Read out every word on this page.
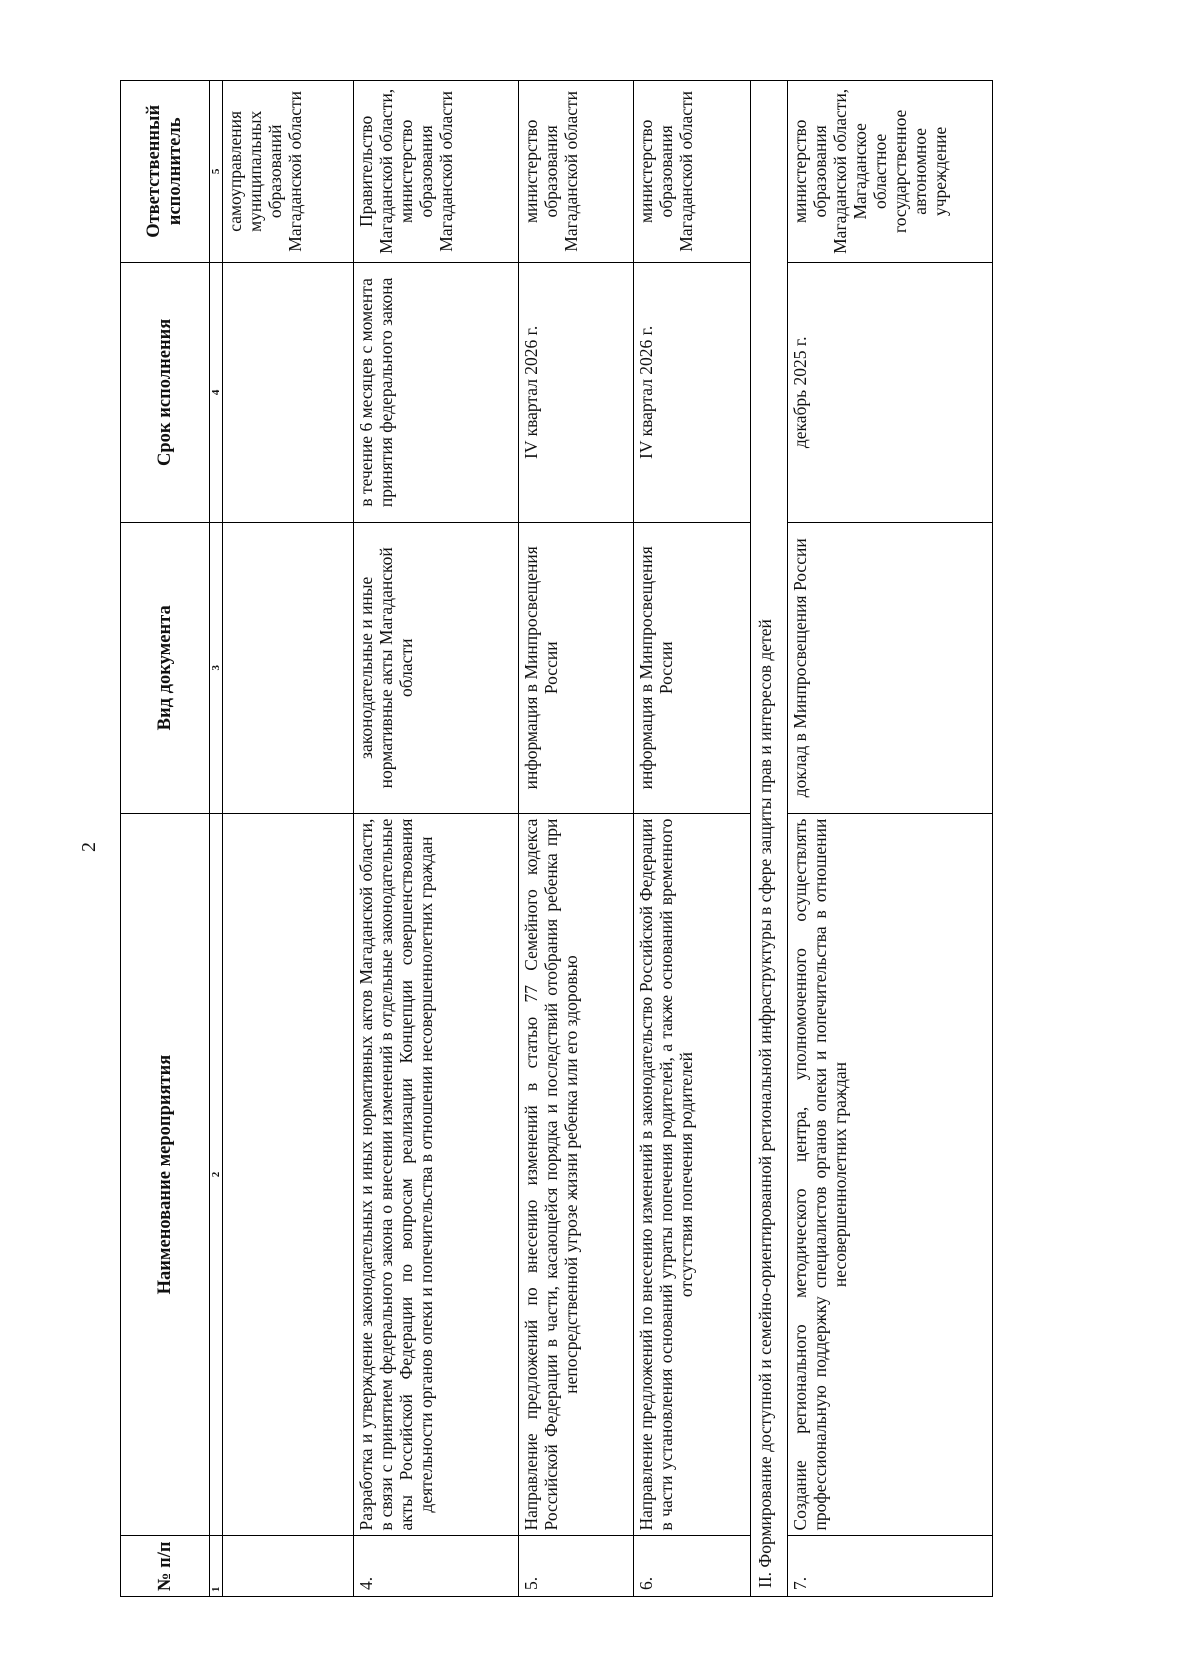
2
№ п/п	Наименование мероприятия	Вид документа	Срок исполнения	Ответственный исполнитель
1	2	3	4	5
				самоуправления муниципальных образований Магаданской области
4.	Разработка и утверждение законодательных и иных нормативных актов Магаданской области, в связи с принятием федерального закона о внесении изменений в отдельные законодательные акты Российской Федерации по вопросам реализации Концепции совершенствования деятельности органов опеки и попечительства в отношении несовершеннолетних граждан	законодательные и иные нормативные акты Магаданской области	в течение 6 месяцев с момента принятия федерального закона	Правительство Магаданской области, министерство образования Магаданской области
5.	Направление предложений по внесению изменений в статью 77 Семейного кодекса Российской Федерации в части, касающейся порядка и последствий отобрания ребенка при непосредственной угрозе жизни ребенка или его здоровью	информация в Минпросвещения России	IV квартал 2026 г.	министерство образования Магаданской области
6.	Направление предложений по внесению изменений в законодательство Российской Федерации в части установления оснований утраты попечения родителей, а также оснований временного отсутствия попечения родителей	информация в Минпросвещения России	IV квартал 2026 г.	министерство образования Магаданской области
II. Формирование доступной и семейно-ориентированной региональной инфраструктуры в сфере защиты прав и интересов детей				
7.	Создание регионального методического центра, уполномоченного осуществлять профессиональную поддержку специалистов органов опеки и попечительства в отношении несовершеннолетних граждан	доклад в Минпросвещения России	декабрь 2025 г.	министерство образования Магаданской области, Магаданское областное государственное автономное учреждение
